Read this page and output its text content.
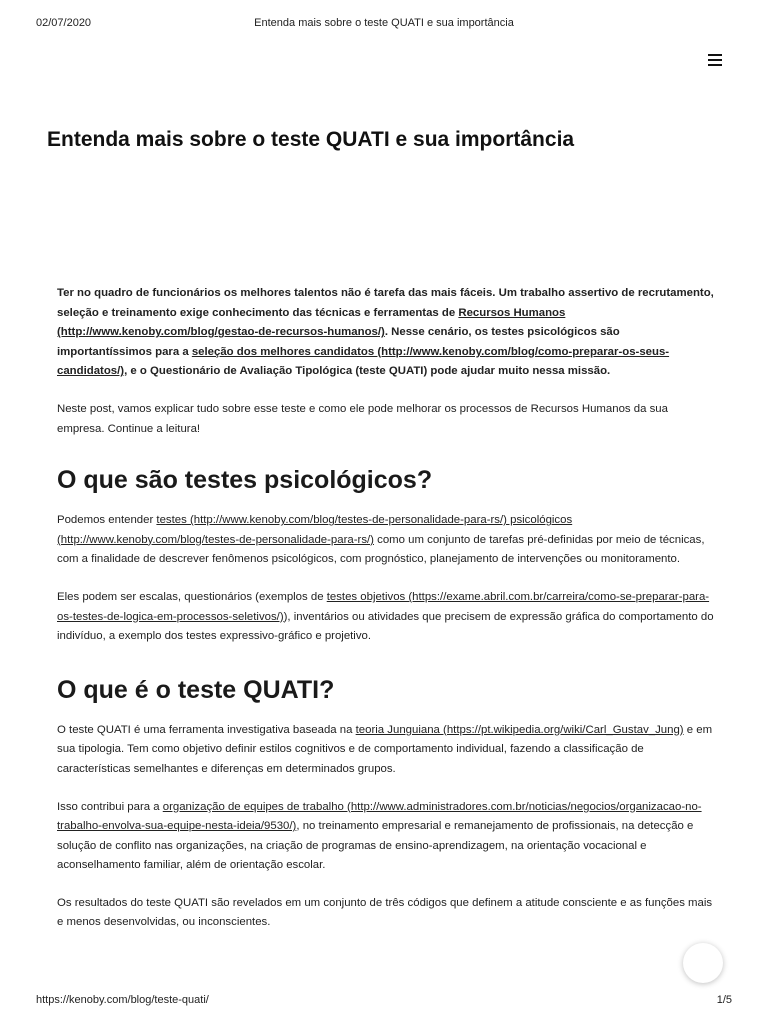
02/07/2020	Entenda mais sobre o teste QUATI e sua importância
Entenda mais sobre o teste QUATI e sua importância

Ter no quadro de funcionários os melhores talentos não é tarefa das mais fáceis. Um trabalho assertivo de recrutamento, seleção e treinamento exige conhecimento das técnicas e ferramentas de Recursos Humanos (http://www.kenoby.com/blog/gestao-de-recursos-humanos/). Nesse cenário, os testes psicológicos são importantíssimos para a seleção dos melhores candidatos (http://www.kenoby.com/blog/como-preparar-os-seus-candidatos/), e o Questionário de Avaliação Tipológica (teste QUATI) pode ajudar muito nessa missão.

Neste post, vamos explicar tudo sobre esse teste e como ele pode melhorar os processos de Recursos Humanos da sua empresa. Continue a leitura!

O que são testes psicológicos?

Podemos entender testes (http://www.kenoby.com/blog/testes-de-personalidade-para-rs/) psicológicos (http://www.kenoby.com/blog/testes-de-personalidade-para-rs/) como um conjunto de tarefas pré-definidas por meio de técnicas, com a finalidade de descrever fenômenos psicológicos, com prognóstico, planejamento de intervenções ou monitoramento.

Eles podem ser escalas, questionários (exemplos de testes objetivos (https://exame.abril.com.br/carreira/como-se-preparar-para-os-testes-de-logica-em-processos-seletivos/)), inventários ou atividades que precisem de expressão gráfica do comportamento do indivíduo, a exemplo dos testes expressivo-gráfico e projetivo.

O que é o teste QUATI?

O teste QUATI é uma ferramenta investigativa baseada na teoria Junguiana (https://pt.wikipedia.org/wiki/Carl_Gustav_Jung) e em sua tipologia. Tem como objetivo definir estilos cognitivos e de comportamento individual, fazendo a classificação de características semelhantes e diferenças em determinados grupos.

Isso contribui para a organização de equipes de trabalho (http://www.administradores.com.br/noticias/negocios/organizacao-no-trabalho-envolva-sua-equipe-nesta-ideia/9530/), no treinamento empresarial e remanejamento de profissionais, na detecção e solução de conflito nas organizações, na criação de programas de ensino-aprendizagem, na orientação vocacional e aconselhamento familiar, além de orientação escolar.

Os resultados do teste QUATI são revelados em um conjunto de três códigos que definem a atitude consciente e as funções mais e menos desenvolvidas, ou inconscientes.

https://kenoby.com/blog/teste-quati/	1/5
